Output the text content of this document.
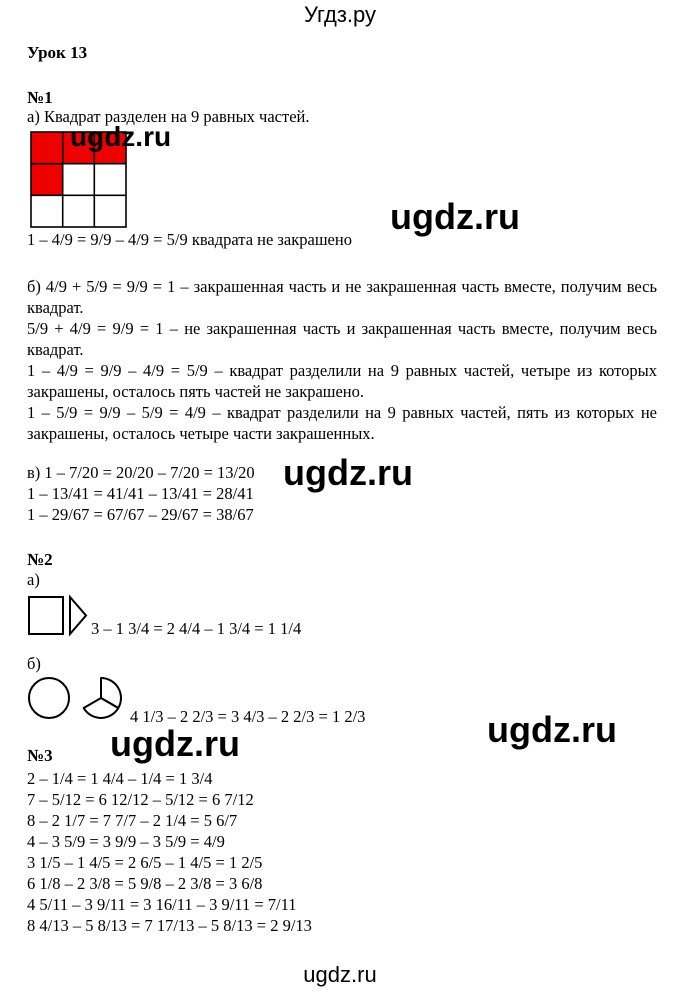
Угдз.ру
Урок 13
№1
а) Квадрат разделен на 9 равных частей.
ugdz.ru
1 – 4/9 = 9/9 – 4/9 = 5/9 квадрата не закрашено
ugdz.ru
б) 4/9 + 5/9 = 9/9 = 1 – закрашенная часть и не закрашенная часть вместе, получим весь квадрат.
5/9 + 4/9 = 9/9 = 1 – не закрашенная часть и закрашенная часть вместе, получим весь квадрат.
1 – 4/9 = 9/9 – 4/9 = 5/9 – квадрат разделили на 9 равных частей, четыре из которых закрашены, осталось пять частей не закрашено.
1 – 5/9 = 9/9 – 5/9 = 4/9 – квадрат разделили на 9 равных частей, пять из которых не закрашены, осталось четыре части закрашенных.
в) 1 – 7/20 = 20/20 – 7/20 = 13/20
1 – 13/41 = 41/41 – 13/41 = 28/41
1 – 29/67 = 67/67 – 29/67 = 38/67
ugdz.ru
№2
а)
3 – 1 3/4 = 2 4/4 – 1 3/4 = 1 1/4
б)
4 1/3 – 2 2/3 = 3 4/3 – 2 2/3 = 1 2/3	ugdz.ru
ugdz.ru
№3
2 – 1/4 = 1 4/4 – 1/4 = 1 3/4
7 – 5/12 = 6 12/12 – 5/12 = 6 7/12
8 – 2 1/7 = 7 7/7 – 2 1/4 = 5 6/7
4 – 3 5/9 = 3 9/9 – 3 5/9 = 4/9
3 1/5 – 1 4/5 = 2 6/5 – 1 4/5 = 1 2/5
6 1/8 – 2 3/8 = 5 9/8 – 2 3/8 = 3 6/8
4 5/11 – 3 9/11 = 3 16/11 – 3 9/11 = 7/11
8 4/13 – 5 8/13 = 7 17/13 – 5 8/13 = 2 9/13
ugdz.ru
